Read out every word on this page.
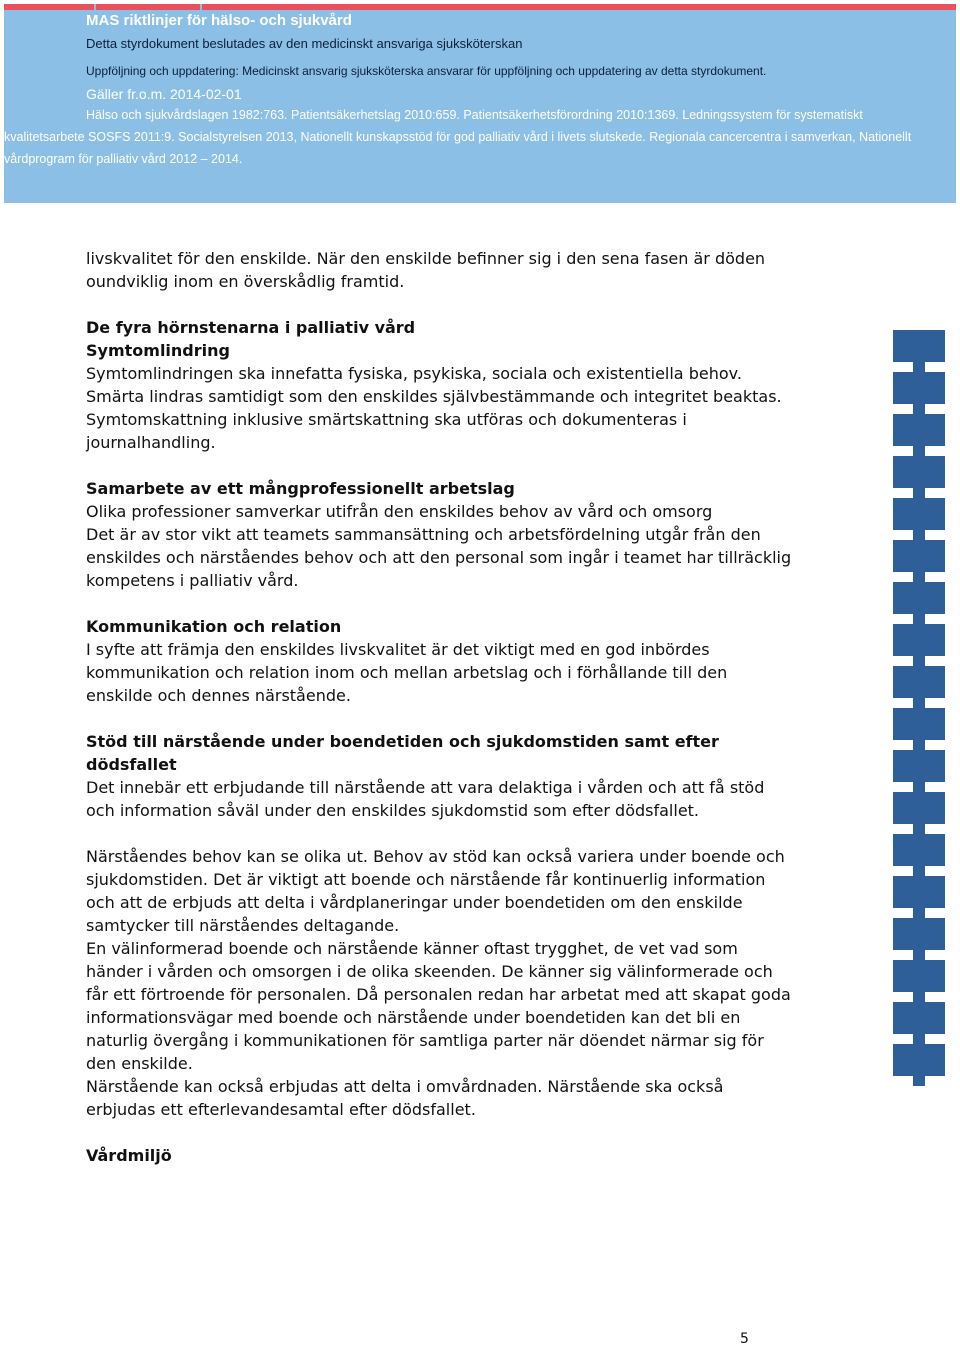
MAS riktlinjer för hälso- och sjukvård

Detta styrdokument beslutades av den medicinskt ansvariga sjuksköterskan

Uppföljning och uppdatering: Medicinskt ansvarig sjuksköterska ansvarar för uppföljning och uppdatering av detta styrdokument.

Gäller fr.o.m. 2014-02-01

Hälso och sjukvårdslagen 1982:763. Patientsäkerhetslag 2010:659. Patientsäkerhetsförordning 2010:1369. Ledningssystem för systematiskt kvalitetsarbete SOSFS 2011:9. Socialstyrelsen 2013, Nationellt kunskapsstöd för god palliativ vård i livets slutskede. Regionala cancercentra i samverkan, Nationellt vårdprogram för palliativ vård 2012 – 2014.

livskvalitet för den enskilde. När den enskilde befinner sig i den sena fasen är döden oundviklig inom en överskådlig framtid.

De fyra hörnstenarna i palliativ vård
Symtomlindring

Symtomlindringen ska innefatta fysiska, psykiska, sociala och existentiella behov. Smärta lindras samtidigt som den enskildes självbestämmande och integritet beaktas. Symtomskattning inklusive smärtskattning ska utföras och dokumenteras i journalhandling.

Samarbete av ett mångprofessionellt arbetslag

Olika professioner samverkar utifrån den enskildes behov av vård och omsorg

Det är av stor vikt att teamets sammansättning och arbetsfördelning utgår från den enskildes och närståendes behov och att den personal som ingår i teamet har tillräcklig kompetens i palliativ vård.

Kommunikation och relation

I syfte att främja den enskildes livskvalitet är det viktigt med en god inbördes kommunikation och relation inom och mellan arbetslag och i förhållande till den enskilde och dennes närstående.

Stöd till närstående under boendetiden och sjukdomstiden samt efter dödsfallet

Det innebär ett erbjudande till närstående att vara delaktiga i vården och att få stöd och information såväl under den enskildes sjukdomstid som efter dödsfallet.

Närståendes behov kan se olika ut. Behov av stöd kan också variera under boende och sjukdomstiden. Det är viktigt att boende och närstående får kontinuerlig information och att de erbjuds att delta i vårdplaneringar under boendetiden om den enskilde samtycker till närståendes deltagande.

En välinformerad boende och närstående känner oftast trygghet, de vet vad som händer i vården och omsorgen i de olika skeenden. De känner sig välinformerade och får ett förtroende för personalen. Då personalen redan har arbetat med att skapat goda informationsvägar med boende och närstående under boendetiden kan det bli en naturlig övergång i kommunikationen för samtliga parter när döendet närmar sig för den enskilde.

Närstående kan också erbjudas att delta i omvårdnaden. Närstående ska också erbjudas ett efterlevandesamtal efter dödsfallet.

Vårdmiljö
5
